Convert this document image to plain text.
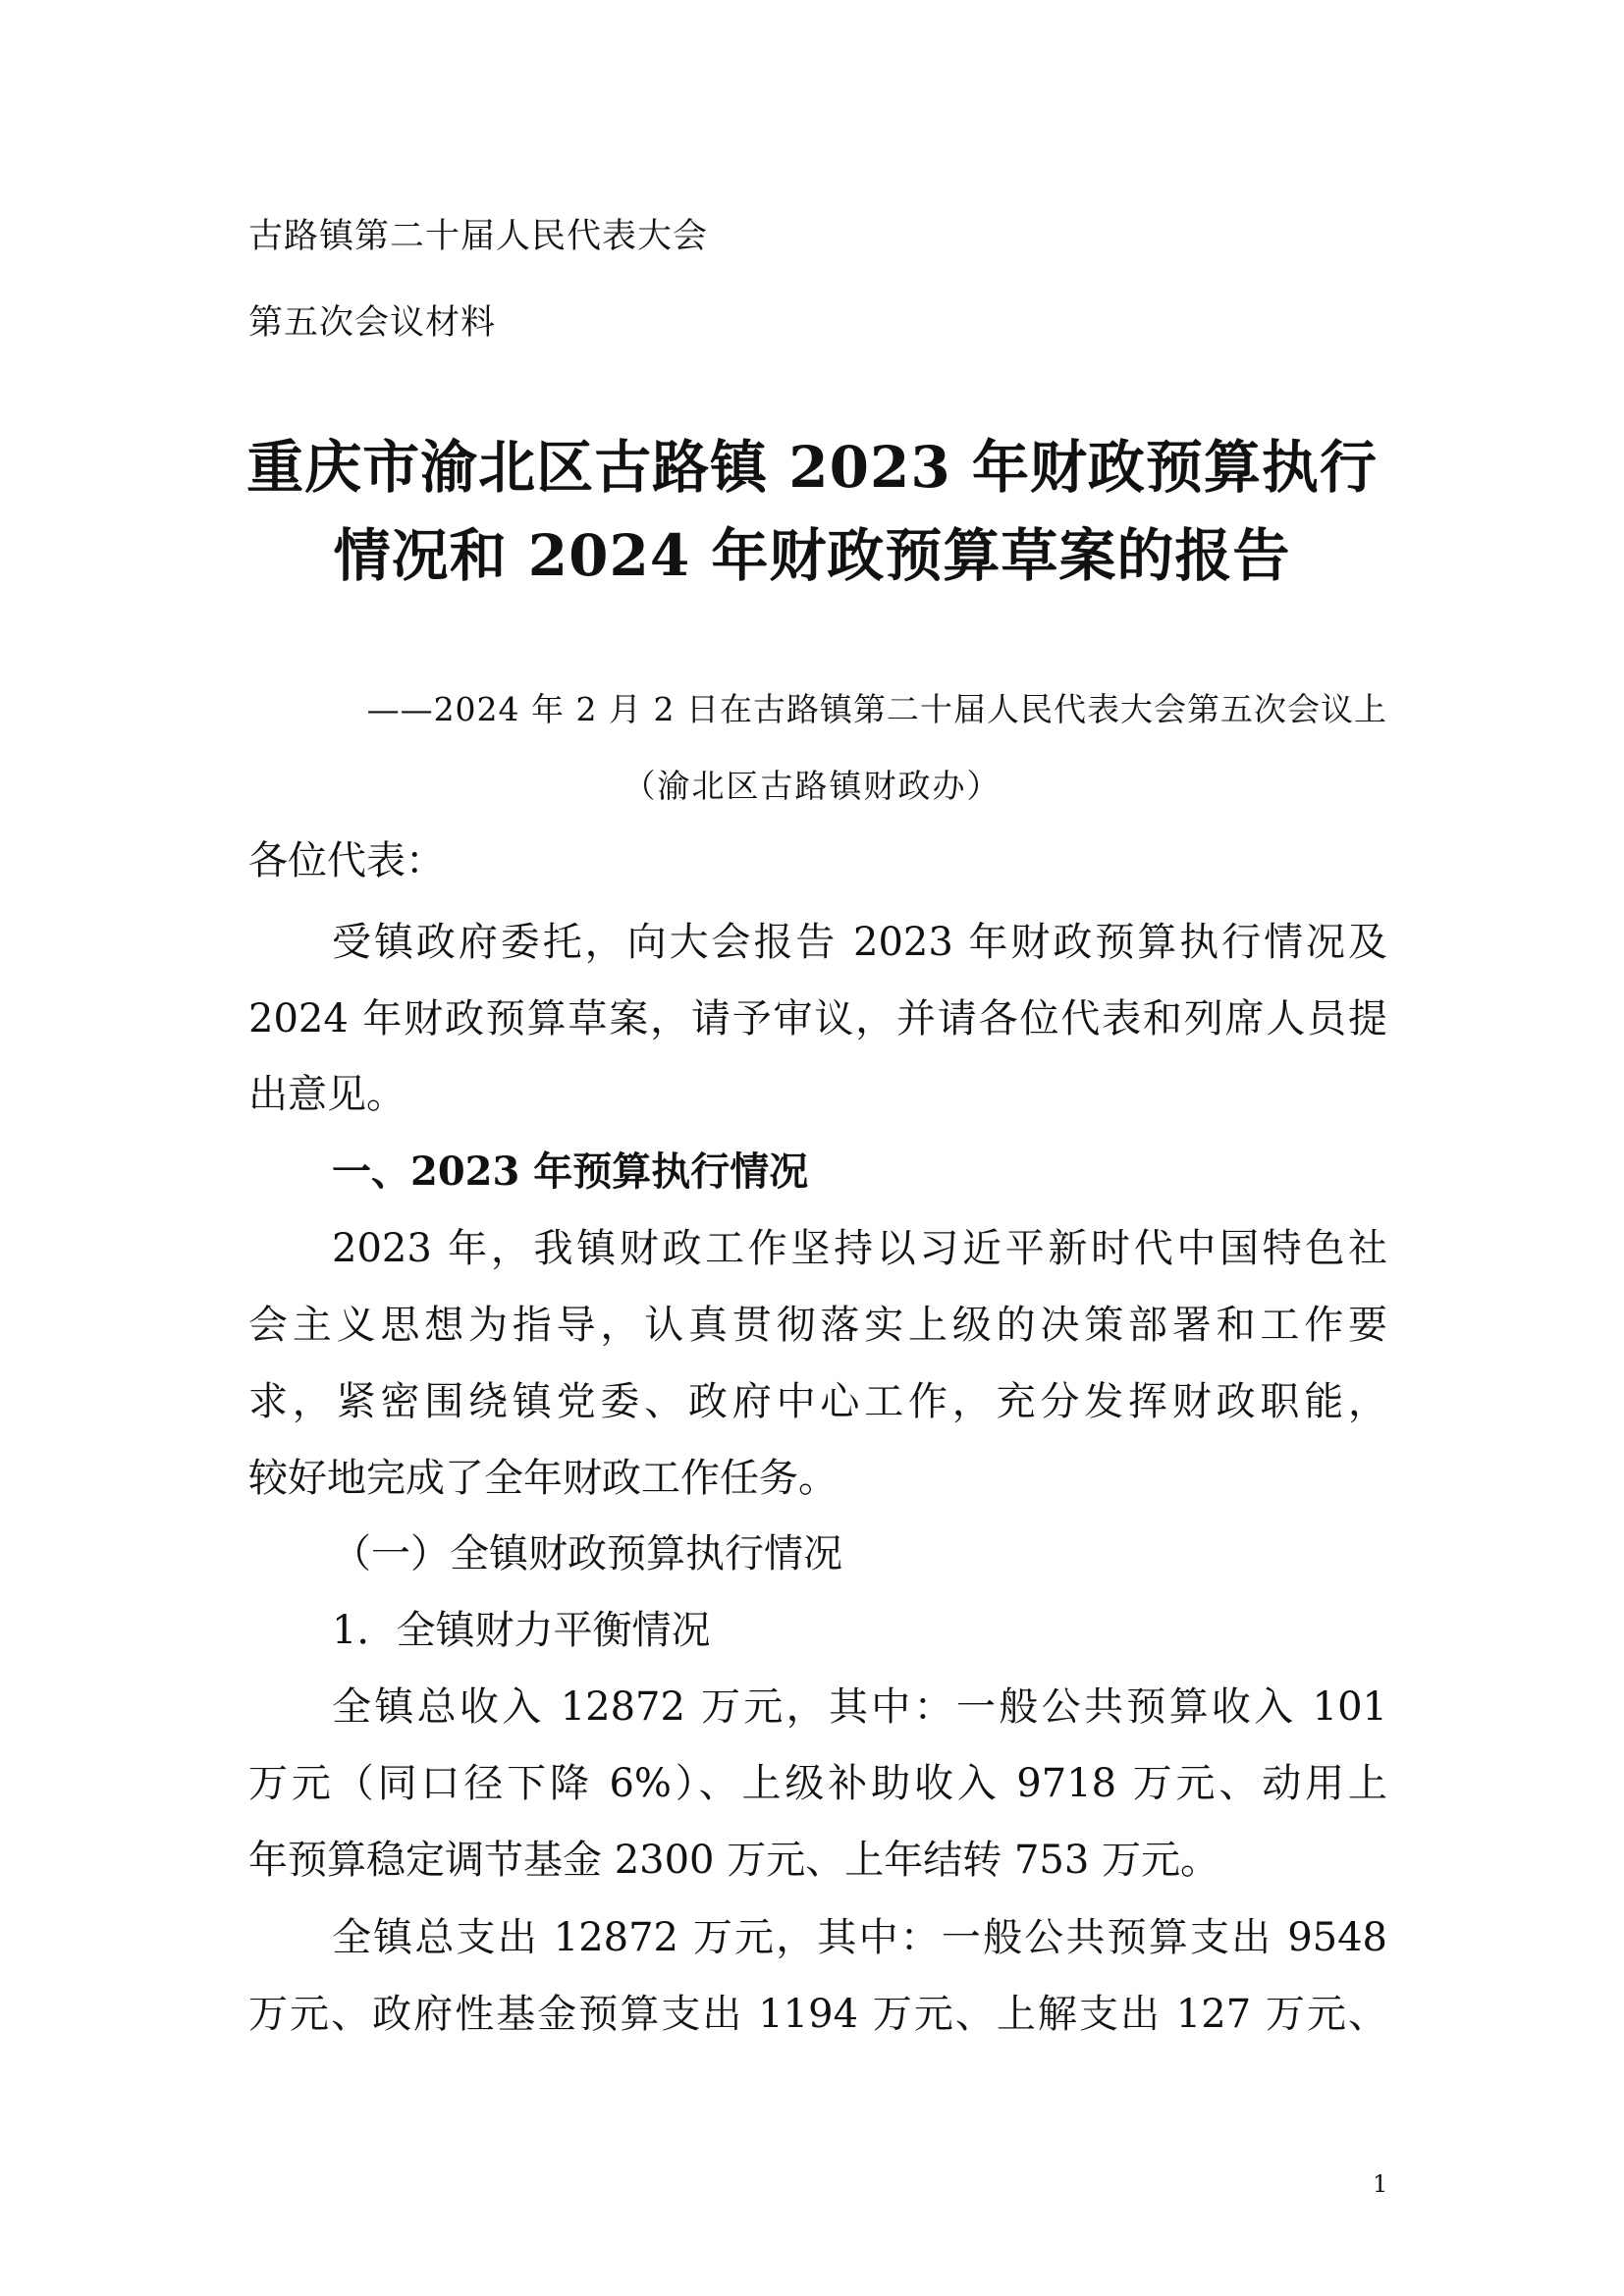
古路镇第二十届人民代表大会
第五次会议材料
重庆市渝北区古路镇 2023 年财政预算执行
情况和 2024 年财政预算草案的报告
——2024 年 2 月 2 日在古路镇第二十届人民代表大会第五次会议上
（渝北区古路镇财政办）
各位代表：
受镇政府委托，向大会报告 2023 年财政预算执行情况及
2024 年财政预算草案，请予审议，并请各位代表和列席人员提
出意见。
一、2023 年预算执行情况
2023 年，我镇财政工作坚持以习近平新时代中国特色社
会主义思想为指导，认真贯彻落实上级的决策部署和工作要
求，紧密围绕镇党委、政府中心工作，充分发挥财政职能，
较好地完成了全年财政工作任务。
（一）全镇财政预算执行情况
1．全镇财力平衡情况
全镇总收入 12872 万元，其中：一般公共预算收入 101
万元（同口径下降 6%）、上级补助收入 9718 万元、动用上
年预算稳定调节基金 2300 万元、上年结转 753 万元。
全镇总支出 12872 万元，其中：一般公共预算支出 9548
万元、政府性基金预算支出 1194 万元、上解支出 127 万元、
1
